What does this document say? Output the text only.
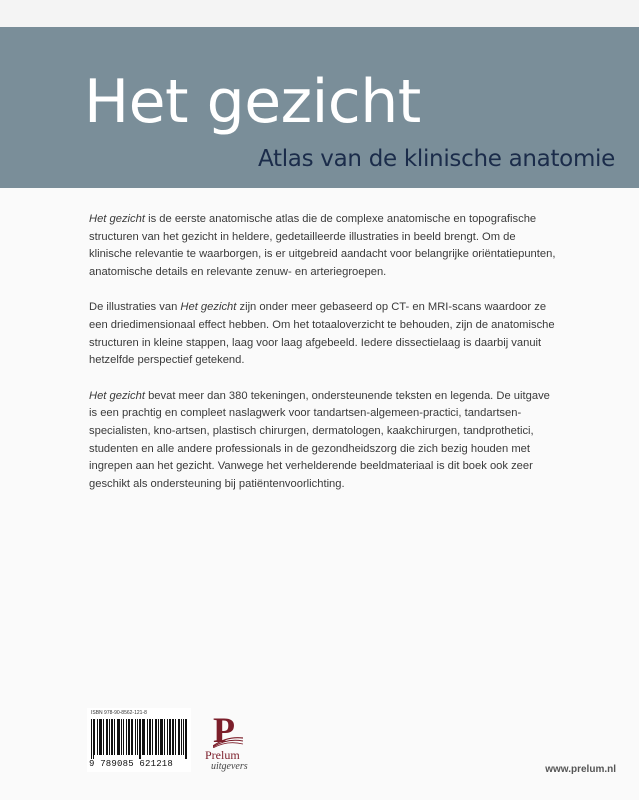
Het gezicht
Atlas van de klinische anatomie

Het gezicht is de eerste anatomische atlas die de complexe anatomische en topografische structuren van het gezicht in heldere, gedetailleerde illustraties in beeld brengt. Om de klinische relevantie te waarborgen, is er uitgebreid aandacht voor belangrijke oriëntatiepunten, anatomische details en relevante zenuw- en arteriegroepen.

De illustraties van Het gezicht zijn onder meer gebaseerd op CT- en MRI-scans waardoor ze een driedimensionaal effect hebben. Om het totaaloverzicht te behouden, zijn de anatomische structuren in kleine stappen, laag voor laag afgebeeld. Iedere dissectielaag is daarbij vanuit hetzelfde perspectief getekend.

Het gezicht bevat meer dan 380 tekeningen, ondersteunende teksten en legenda. De uitgave is een prachtig en compleet naslagwerk voor tandartsen-algemeen-practici, tandartsen-specialisten, kno-artsen, plastisch chirurgen, dermatologen, kaakchirurgen, tandprothetici, studenten en alle andere professionals in de gezondheidszorg die zich bezig houden met ingrepen aan het gezicht. Vanwege het verhelderende beeldmateriaal is dit boek ook zeer geschikt als ondersteuning bij patiëntenvoorlichting.

ISBN 978-90-8562-121-8
9 789085 621218
P
Prelum
uitgevers	www.prelum.nl
